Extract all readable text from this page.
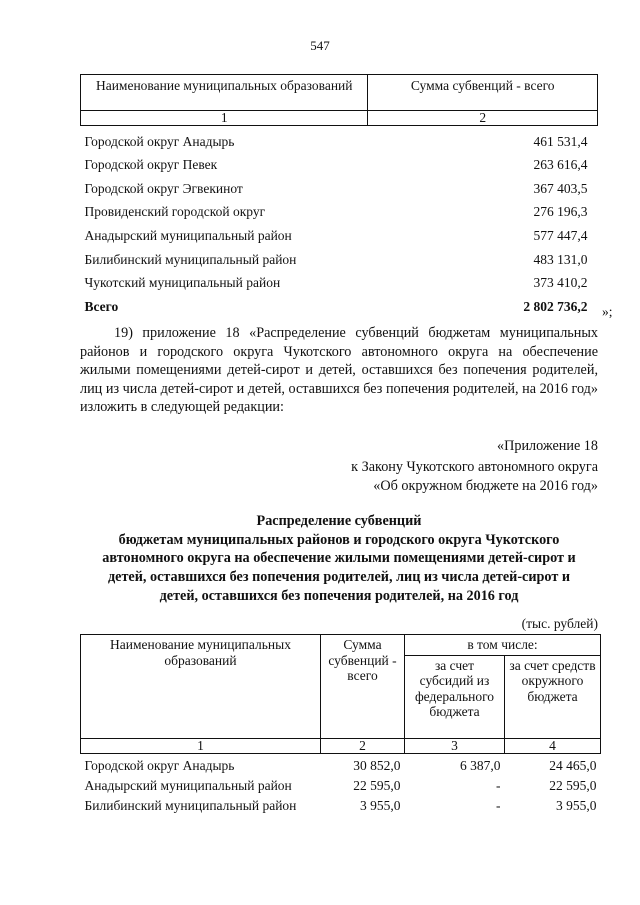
547
Наименование муниципальных образований	Сумма субвенций - всего
1	2
Городской округ Анадырь	461 531,4
Городской округ Певек	263 616,4
Городской округ Эгвекинот	367 403,5
Провиденский городской округ	276 196,3
Анадырский муниципальный район	577 447,4
Билибинский муниципальный район	483 131,0
Чукотский муниципальный район	373 410,2
Всего	2 802 736,2 »;
19) приложение 18 «Распределение субвенций бюджетам муниципальных районов и городского округа Чукотского автономного округа на обеспечение жилыми помещениями детей-сирот и детей, оставшихся без попечения родителей, лиц из числа детей-сирот и детей, оставшихся без попечения родителей, на 2016 год» изложить в следующей редакции:
«Приложение 18
к Закону Чукотского автономного округа
«Об окружном бюджете на 2016 год»
Распределение субвенций
бюджетам муниципальных районов и городского округа Чукотского
автономного округа на обеспечение жилыми помещениями детей-сирот и
детей, оставшихся без попечения родителей, лиц из числа детей-сирот и
детей, оставшихся без попечения родителей, на 2016 год
(тыс. рублей)
Наименование муниципальных образований	Сумма субвенций - всего	в том числе:	
		за счет субсидий из федерального бюджета	за счет средств окружного бюджета
1	2	3	4
Городской округ Анадырь	30 852,0	6 387,0	24 465,0
Анадырский муниципальный район	22 595,0	-	22 595,0
Билибинский муниципальный район	3 955,0	-	3 955,0
